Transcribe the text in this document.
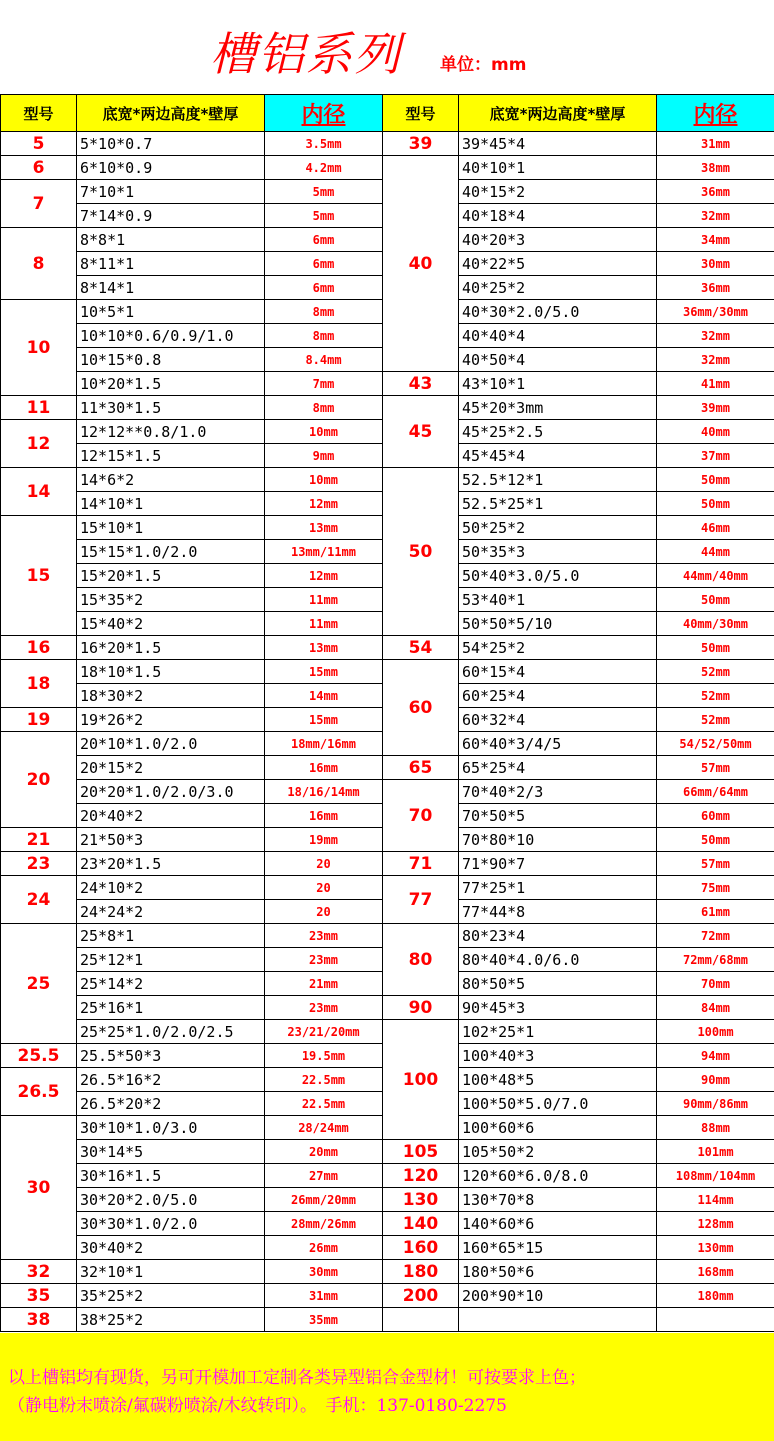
槽铝系列 单位：mm
型号	底宽*两边高度*壁厚	内径	型号	底宽*两边高度*壁厚	内径
5	5*10*0.7	3.5mm	39	39*45*4	31mm
6	6*10*0.9	4.2mm	40	40*10*1	38mm
7	7*10*1	5mm		40*15*2	36mm
	7*14*0.9	5mm		40*18*4	32mm
8	8*8*1	6mm		40*20*3	34mm
	8*11*1	6mm		40*22*5	30mm
	8*14*1	6mm		40*25*2	36mm
10	10*5*1	8mm		40*30*2.0/5.0	36mm/30mm
	10*10*0.6/0.9/1.0	8mm		40*40*4	32mm
	10*15*0.8	8.4mm		40*50*4	32mm
	10*20*1.5	7mm	43	43*10*1	41mm
11	11*30*1.5	8mm	45	45*20*3mm	39mm
12	12*12**0.8/1.0	10mm		45*25*2.5	40mm
	12*15*1.5	9mm		45*45*4	37mm
14	14*6*2	10mm	50	52.5*12*1	50mm
	14*10*1	12mm		52.5*25*1	50mm
15	15*10*1	13mm		50*25*2	46mm
	15*15*1.0/2.0	13mm/11mm		50*35*3	44mm
	15*20*1.5	12mm		50*40*3.0/5.0	44mm/40mm
	15*35*2	11mm		53*40*1	50mm
	15*40*2	11mm		50*50*5/10	40mm/30mm
16	16*20*1.5	13mm	54	54*25*2	50mm
18	18*10*1.5	15mm	60	60*15*4	52mm
	18*30*2	14mm		60*25*4	52mm
19	19*26*2	15mm		60*32*4	52mm
20	20*10*1.0/2.0	18mm/16mm		60*40*3/4/5	54/52/50mm
	20*15*2	16mm	65	65*25*4	57mm
	20*20*1.0/2.0/3.0	18/16/14mm	70	70*40*2/3	66mm/64mm
	20*40*2	16mm		70*50*5	60mm
21	21*50*3	19mm		70*80*10	50mm
23	23*20*1.5	20	71	71*90*7	57mm
24	24*10*2	20	77	77*25*1	75mm
	24*24*2	20		77*44*8	61mm
25	25*8*1	23mm	80	80*23*4	72mm
	25*12*1	23mm		80*40*4.0/6.0	72mm/68mm
	25*14*2	21mm		80*50*5	70mm
	25*16*1	23mm	90	90*45*3	84mm
	25*25*1.0/2.0/2.5	23/21/20mm	100	102*25*1	100mm
25.5	25.5*50*3	19.5mm		100*40*3	94mm
26.5	26.5*16*2	22.5mm		100*48*5	90mm
	26.5*20*2	22.5mm		100*50*5.0/7.0	90mm/86mm
30	30*10*1.0/3.0	28/24mm		100*60*6	88mm
	30*14*5	20mm	105	105*50*2	101mm
	30*16*1.5	27mm	120	120*60*6.0/8.0	108mm/104mm
	30*20*2.0/5.0	26mm/20mm	130	130*70*8	114mm
	30*30*1.0/2.0	28mm/26mm	140	140*60*6	128mm
	30*40*2	26mm	160	160*65*15	130mm
32	32*10*1	30mm	180	180*50*6	168mm
35	35*25*2	31mm	200	200*90*10	180mm
38	38*25*2	35mm			
以上槽铝均有现货，另可开模加工定制各类异型铝合金型材！可按要求上色；
（静电粉末喷涂/氟碳粉喷涂/木纹转印）。　手机：137-0180-2275
